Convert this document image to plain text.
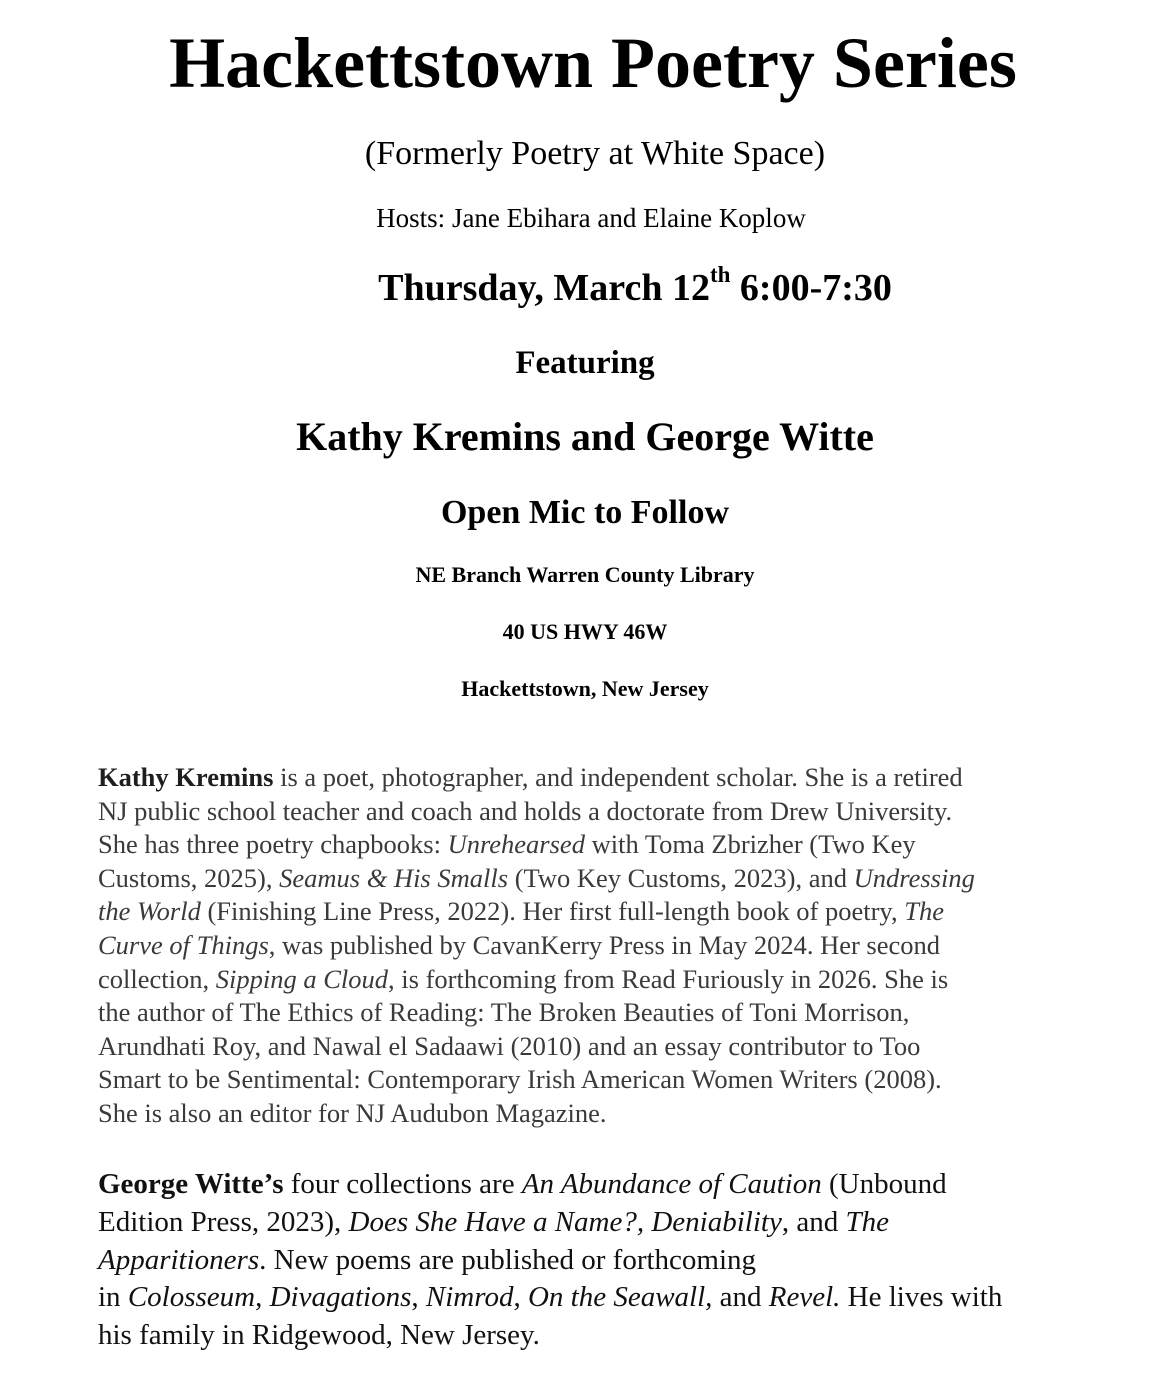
Hackettstown Poetry Series
(Formerly Poetry at White Space)
Hosts: Jane Ebihara and Elaine Koplow
Thursday, March 12th 6:00-7:30
Featuring
Kathy Kremins and George Witte
Open Mic to Follow
NE Branch Warren County Library
40 US HWY 46W
Hackettstown, New Jersey

Kathy Kremins is a poet, photographer, and independent scholar. She is a retired
NJ public school teacher and coach and holds a doctorate from Drew University.
She has three poetry chapbooks: Unrehearsed with Toma Zbrizher (Two Key
Customs, 2025), Seamus & His Smalls (Two Key Customs, 2023), and Undressing
the World (Finishing Line Press, 2022). Her first full-length book of poetry, The
Curve of Things, was published by CavanKerry Press in May 2024. Her second
collection, Sipping a Cloud, is forthcoming from Read Furiously in 2026. She is
the author of The Ethics of Reading: The Broken Beauties of Toni Morrison,
Arundhati Roy, and Nawal el Sadaawi (2010) and an essay contributor to Too
Smart to be Sentimental: Contemporary Irish American Women Writers (2008).
She is also an editor for NJ Audubon Magazine.

George Witte’s four collections are An Abundance of Caution (Unbound
Edition Press, 2023), Does She Have a Name?, Deniability, and The
Apparitioners. New poems are published or forthcoming
in Colosseum, Divagations, Nimrod, On the Seawall, and Revel. He lives with
his family in Ridgewood, New Jersey.
